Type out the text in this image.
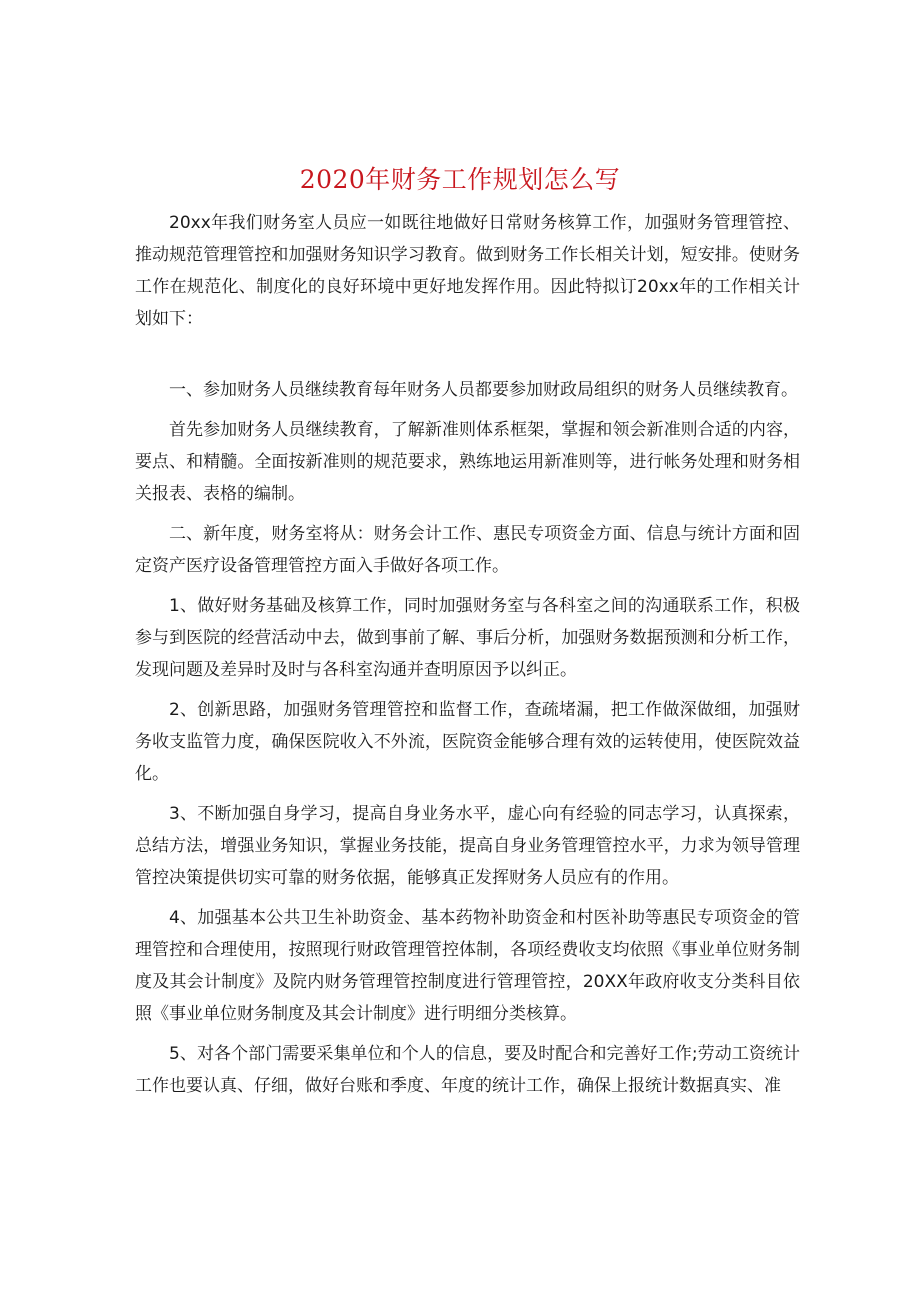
2020年财务工作规划怎么写

20xx年我们财务室人员应一如既往地做好日常财务核算工作，加强财务管理管控、推动规范管理管控和加强财务知识学习教育。做到财务工作长相关计划，短安排。使财务工作在规范化、制度化的良好环境中更好地发挥作用。因此特拟订20xx年的工作相关计划如下：

一、参加财务人员继续教育每年财务人员都要参加财政局组织的财务人员继续教育。

首先参加财务人员继续教育，了解新准则体系框架，掌握和领会新准则合适的内容，要点、和精髓。全面按新准则的规范要求，熟练地运用新准则等，进行帐务处理和财务相关报表、表格的编制。

二、新年度，财务室将从：财务会计工作、惠民专项资金方面、信息与统计方面和固定资产医疗设备管理管控方面入手做好各项工作。

1、做好财务基础及核算工作，同时加强财务室与各科室之间的沟通联系工作，积极参与到医院的经营活动中去，做到事前了解、事后分析，加强财务数据预测和分析工作，发现问题及差异时及时与各科室沟通并查明原因予以纠正。

2、创新思路，加强财务管理管控和监督工作，查疏堵漏，把工作做深做细，加强财务收支监管力度，确保医院收入不外流，医院资金能够合理有效的运转使用，使医院效益化。

3、不断加强自身学习，提高自身业务水平，虚心向有经验的同志学习，认真探索，总结方法，增强业务知识，掌握业务技能，提高自身业务管理管控水平，力求为领导管理管控决策提供切实可靠的财务依据，能够真正发挥财务人员应有的作用。

4、加强基本公共卫生补助资金、基本药物补助资金和村医补助等惠民专项资金的管理管控和合理使用，按照现行财政管理管控体制，各项经费收支均依照《事业单位财务制度及其会计制度》及院内财务管理管控制度进行管理管控，20XX年政府收支分类科目依照《事业单位财务制度及其会计制度》进行明细分类核算。

5、对各个部门需要采集单位和个人的信息，要及时配合和完善好工作;劳动工资统计工作也要认真、仔细，做好台账和季度、年度的统计工作，确保上报统计数据真实、准
